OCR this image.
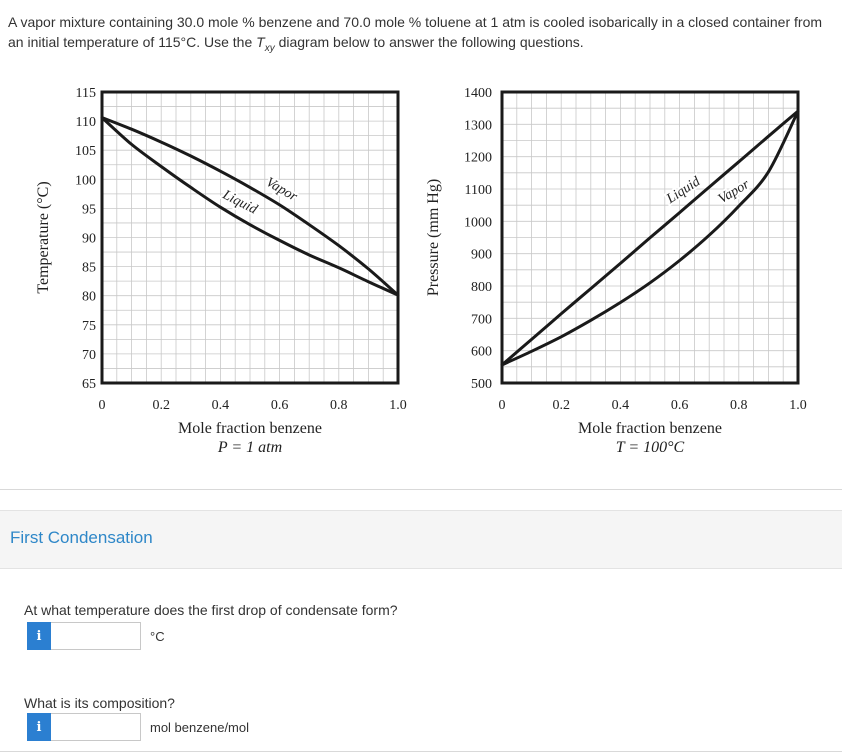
A vapor mixture containing 30.0 mole % benzene and 70.0 mole % toluene at 1 atm is cooled isobarically in a closed container from an initial temperature of 115°C. Use the $T_{xy}$ diagram below to answer the following questions.
115
110
105
100
95
90
85
80
75
70
65
0	0.2	0.4	0.6	0.8	1.0
Temperature (°C)
Mole fraction benzene
P = 1 atm
Vapor
Liquid
1400
1300
1200
1100
1000
900
800
700
600
500
0	0.2	0.4	0.6	0.8	1.0
Pressure (mm Hg)
Mole fraction benzene
T = 100°C
Liquid Vapor
First Condensation
At what temperature does the first drop of condensate form?
i	°C
What is its composition?
i	mol benzene/mol
